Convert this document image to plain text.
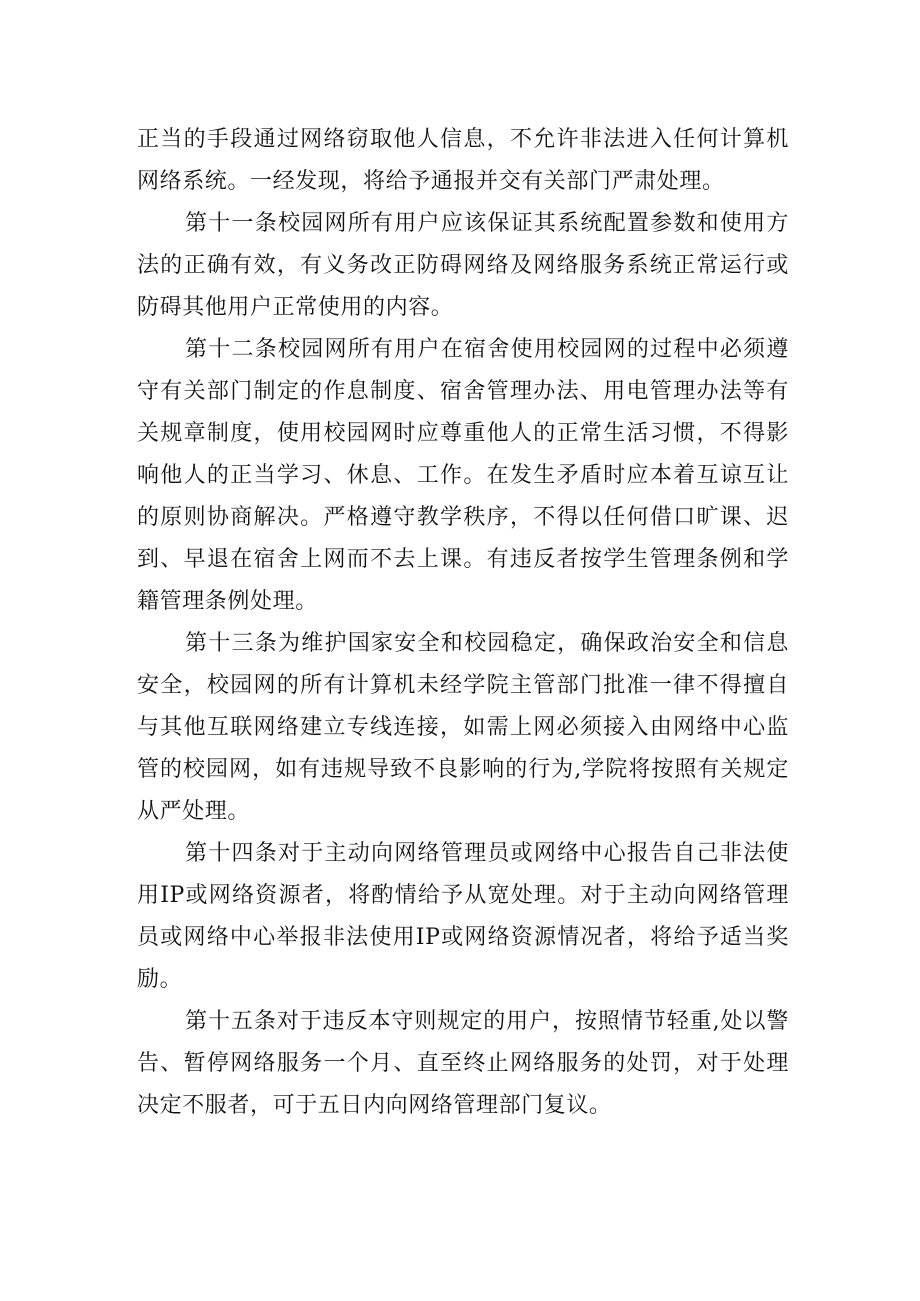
正当的手段通过网络窃取他人信息，不允许非法进入任何计算机网络系统。一经发现，将给予通报并交有关部门严肃处理。

第十一条校园网所有用户应该保证其系统配置参数和使用方法的正确有效，有义务改正防碍网络及网络服务系统正常运行或防碍其他用户正常使用的内容。

第十二条校园网所有用户在宿舍使用校园网的过程中必须遵守有关部门制定的作息制度、宿舍管理办法、用电管理办法等有关规章制度，使用校园网时应尊重他人的正常生活习惯，不得影响他人的正当学习、休息、工作。在发生矛盾时应本着互谅互让的原则协商解决。严格遵守教学秩序，不得以任何借口旷课、迟到、早退在宿舍上网而不去上课。有违反者按学生管理条例和学籍管理条例处理。

第十三条为维护国家安全和校园稳定，确保政治安全和信息安全，校园网的所有计算机未经学院主管部门批准一律不得擅自与其他互联网络建立专线连接，如需上网必须接入由网络中心监管的校园网，如有违规导致不良影响的行为,学院将按照有关规定从严处理。

第十四条对于主动向网络管理员或网络中心报告自己非法使用IP或网络资源者，将酌情给予从宽处理。对于主动向网络管理员或网络中心举报非法使用IP或网络资源情况者，将给予适当奖励。

第十五条对于违反本守则规定的用户，按照情节轻重,处以警告、暂停网络服务一个月、直至终止网络服务的处罚，对于处理决定不服者，可于五日内向网络管理部门复议。
